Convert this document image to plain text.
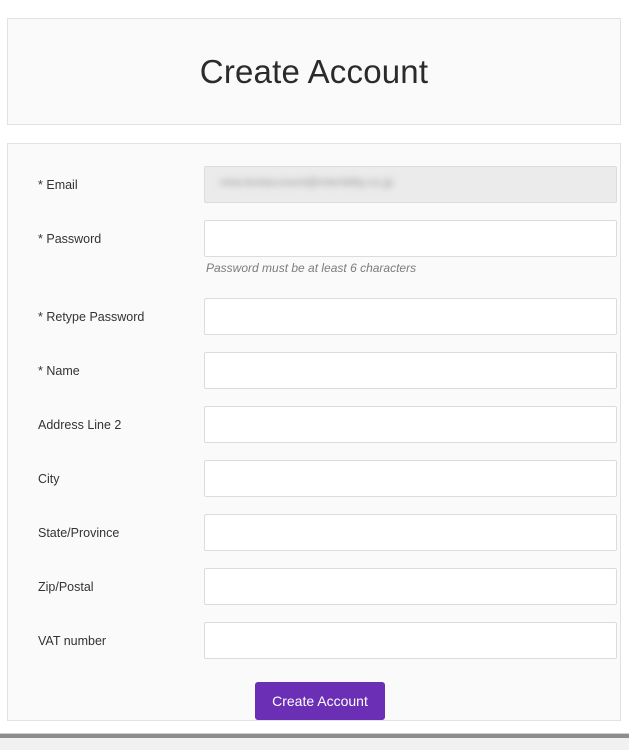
Create Account
* Email	new.testaccount@interbility.co.jp
* Password
Password must be at least 6 characters
* Retype Password
* Name
Address Line 2
City
State/Province
Zip/Postal
VAT number
Create Account
